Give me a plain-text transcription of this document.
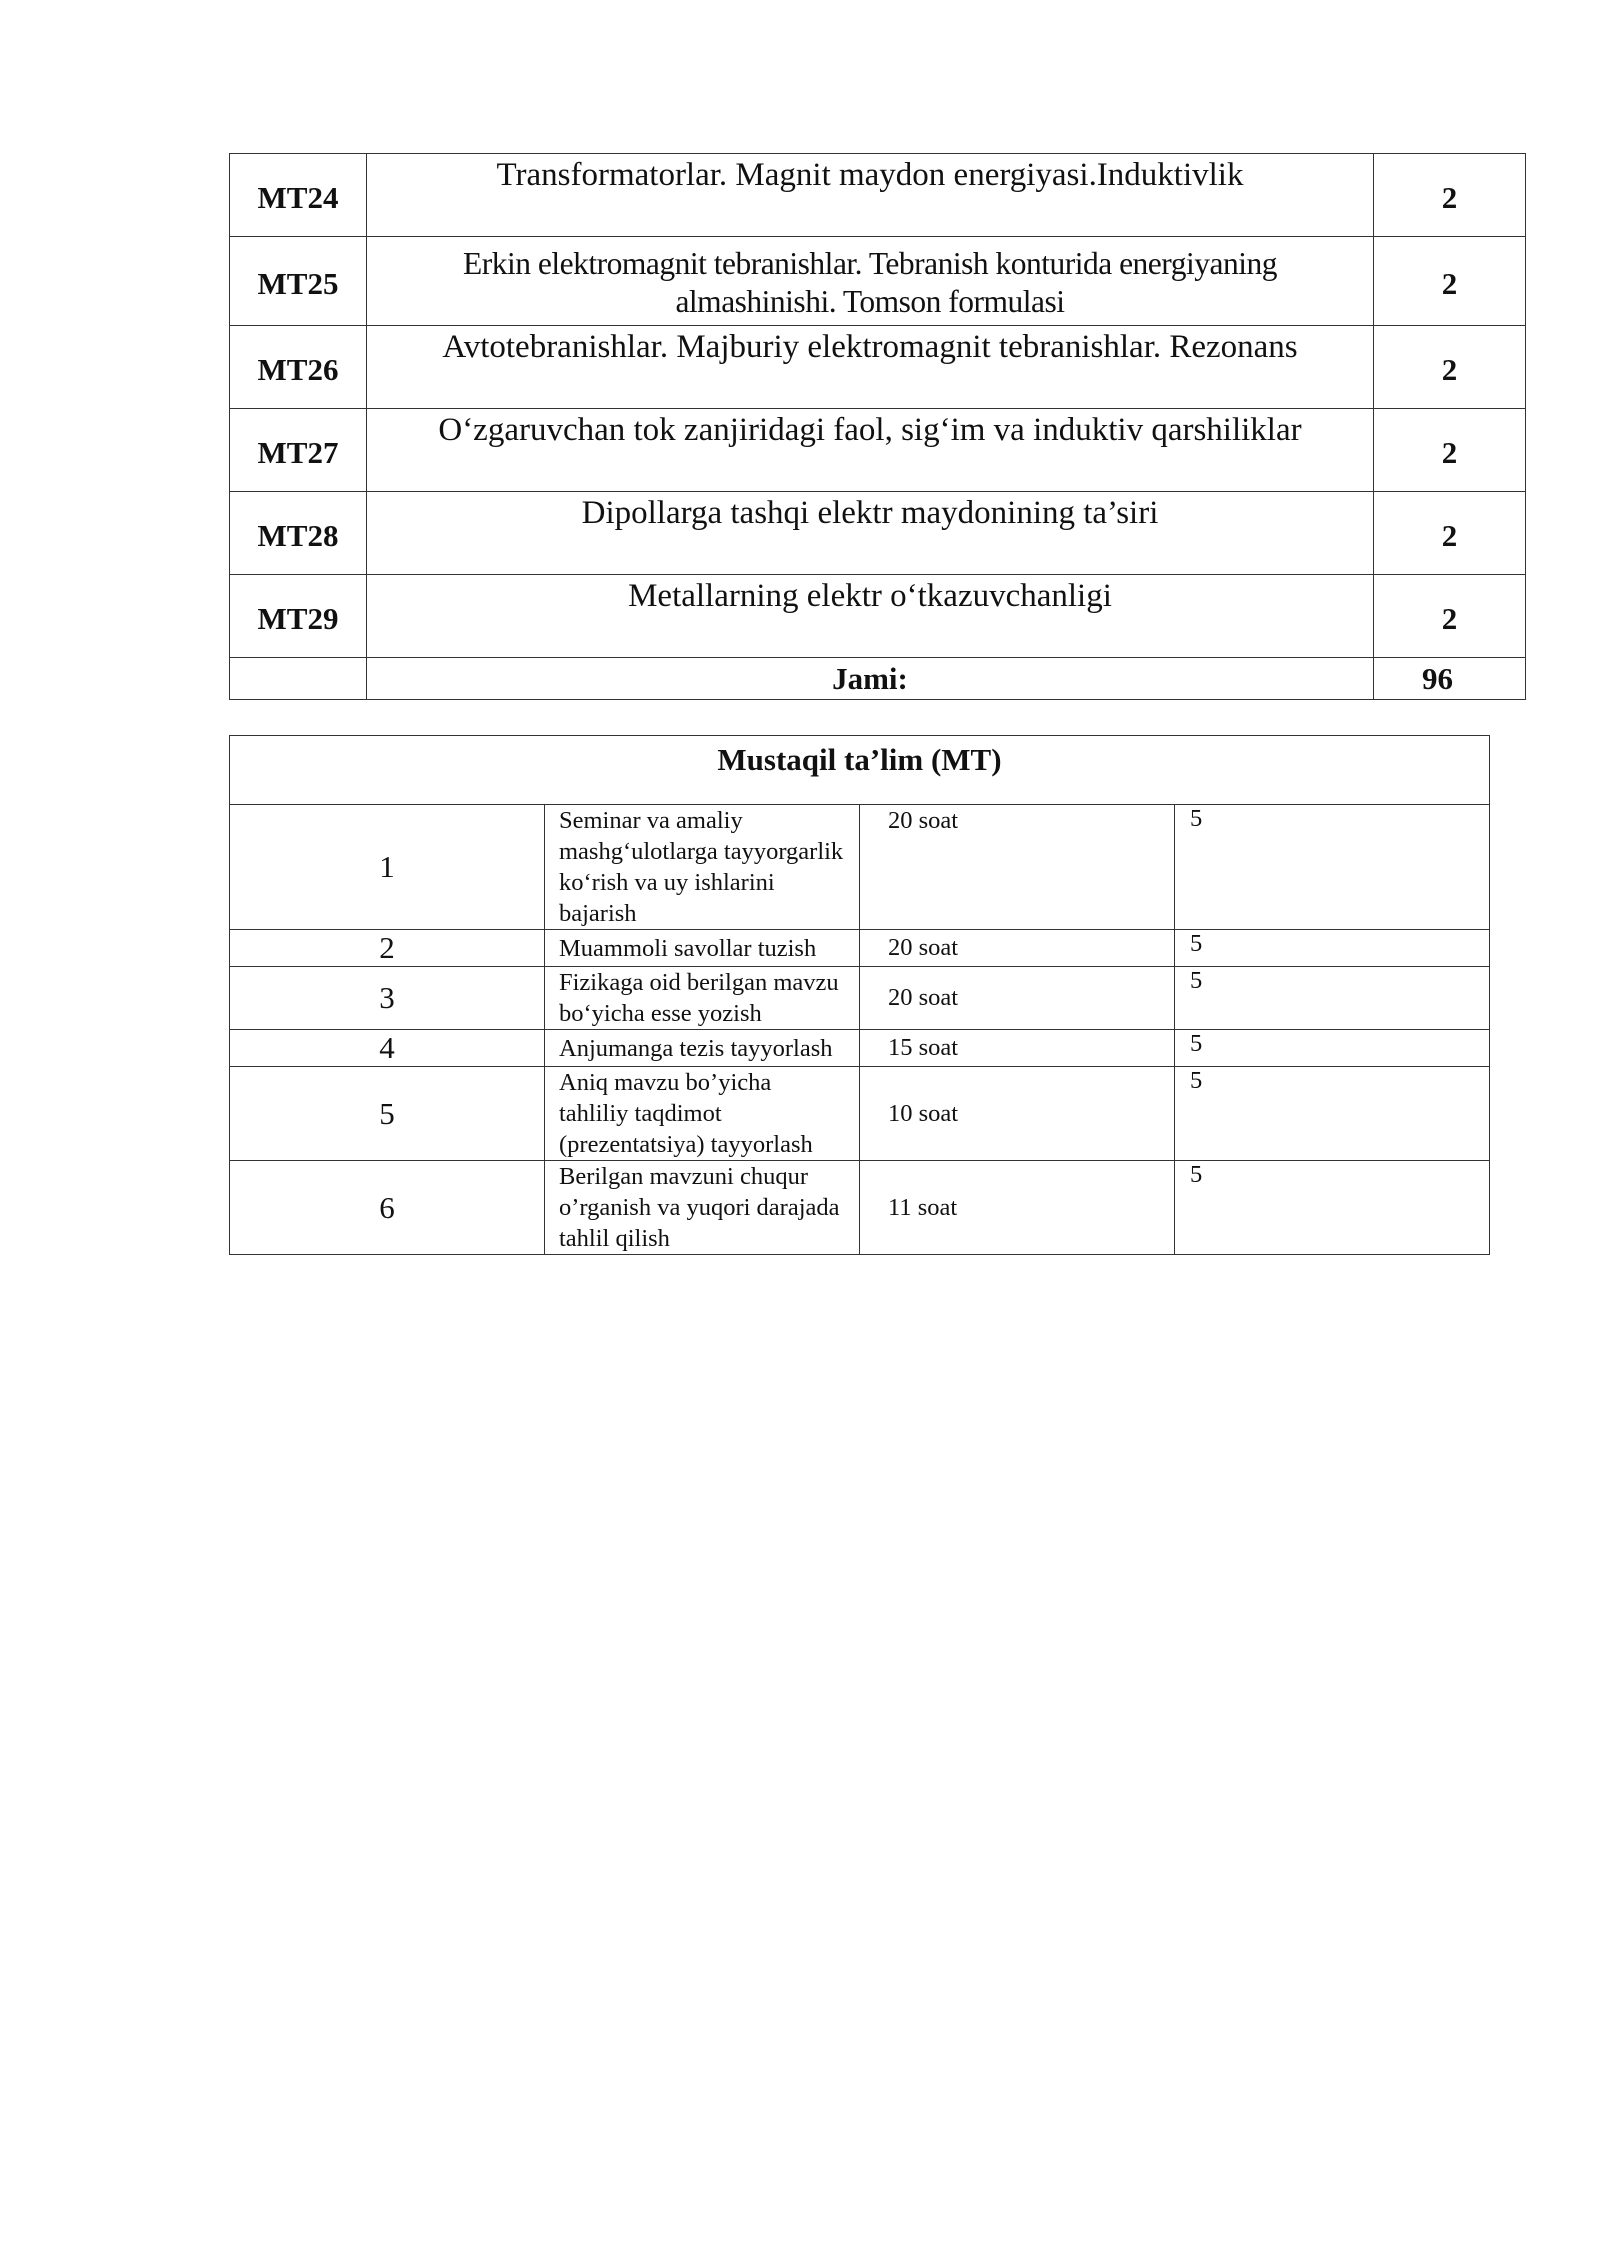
MT24	Transformatorlar. Magnit maydon energiyasi.Induktivlik	2
MT25	Erkin elektromagnit tebranishlar. Tebranish konturida energiyaning almashinishi. Tomson formulasi	2
MT26	Avtotebranishlar. Majburiy elektromagnit tebranishlar. Rezonans	2
MT27	O‘zgaruvchan tok zanjiridagi faol, sig‘im va induktiv qarshiliklar	2
MT28	Dipollarga tashqi elektr maydonining ta’siri	2
MT29	Metallarning elektr o‘tkazuvchanligi	2
	Jami:	96
Mustaqil ta’lim (MT)			
1	Seminar va amaliy mashg‘ulotlarga tayyorgarlik ko‘rish va uy ishlarini bajarish	20 soat	5
2	Muammoli savollar tuzish	20 soat	5
3	Fizikaga oid berilgan mavzu bo‘yicha esse yozish	20 soat	5
4	Anjumanga tezis tayyorlash	15 soat	5
5	Aniq mavzu bo’yicha tahliliy taqdimot (prezentatsiya) tayyorlash	10 soat	5
6	Berilgan mavzuni chuqur o’rganish va yuqori darajada tahlil qilish	11 soat	5
